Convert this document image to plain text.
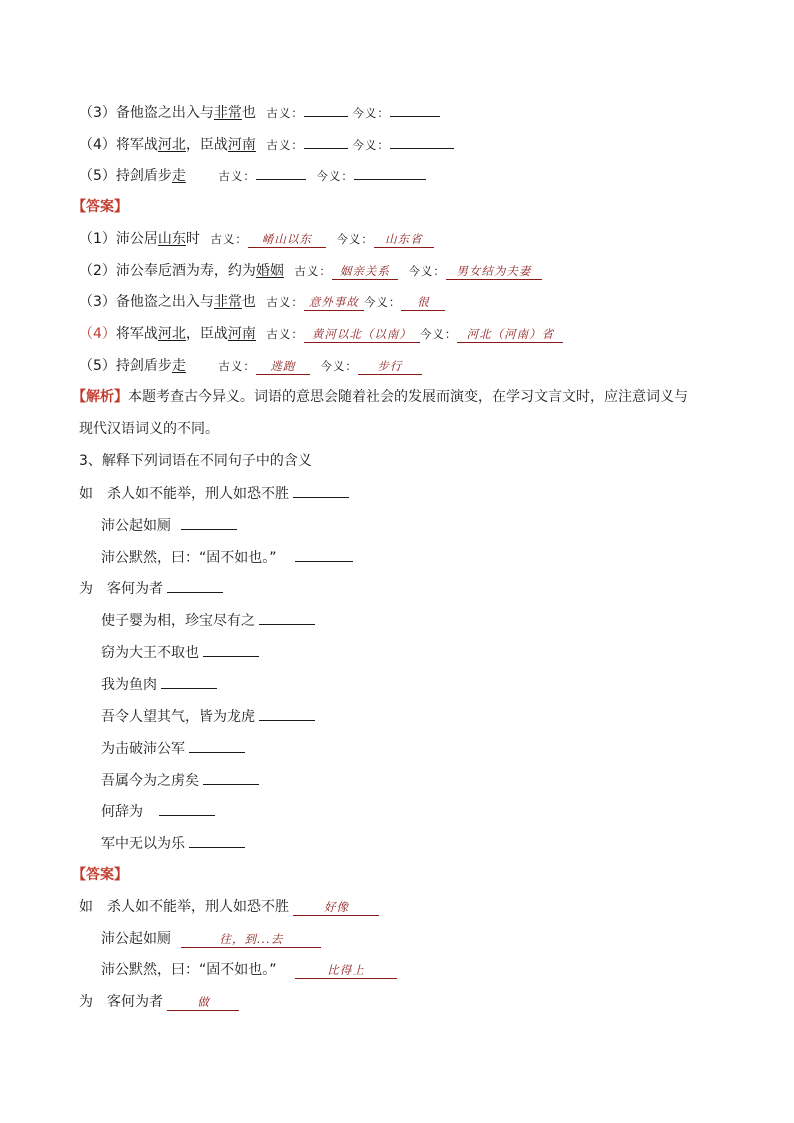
（3）备他盗之出入与非常也 古义：	今义：
（4）将军战河北，臣战河南 古义：	今义：
（5）持剑盾步走	古义：	今义：
【答案】
（1）沛公居山东时 古义： 崤山以东 今义： 山东省
（2）沛公奉卮酒为寿，约为婚姻 古义： 姻亲关系 今义： 男女结为夫妻
（3）备他盗之出入与非常也 古义： 意外事故 今义： 很
（4）将军战河北，臣战河南 古义： 黄河以北（以南） 今义： 河北（河南）省
（5）持剑盾步走	古义： 逃跑 今义： 步行
【解析】本题考查古今异义。词语的意思会随着社会的发展而演变，在学习文言文时，应注意词义与
现代汉语词义的不同。
3、解释下列词语在不同句子中的含义
如 杀人如不能举，刑人如恐不胜
沛公起如厕
沛公默然，曰：“固不如也。”
为 客何为者
使子婴为相，珍宝尽有之
窃为大王不取也
我为鱼肉
吾令人望其气，皆为龙虎
为击破沛公军
吾属今为之虏矣
何辞为
军中无以为乐
【答案】
如 杀人如不能举，刑人如恐不胜	好像
沛公起如厕	往，到...去
沛公默然，曰：“固不如也。”	比得上
为 客何为者	做
